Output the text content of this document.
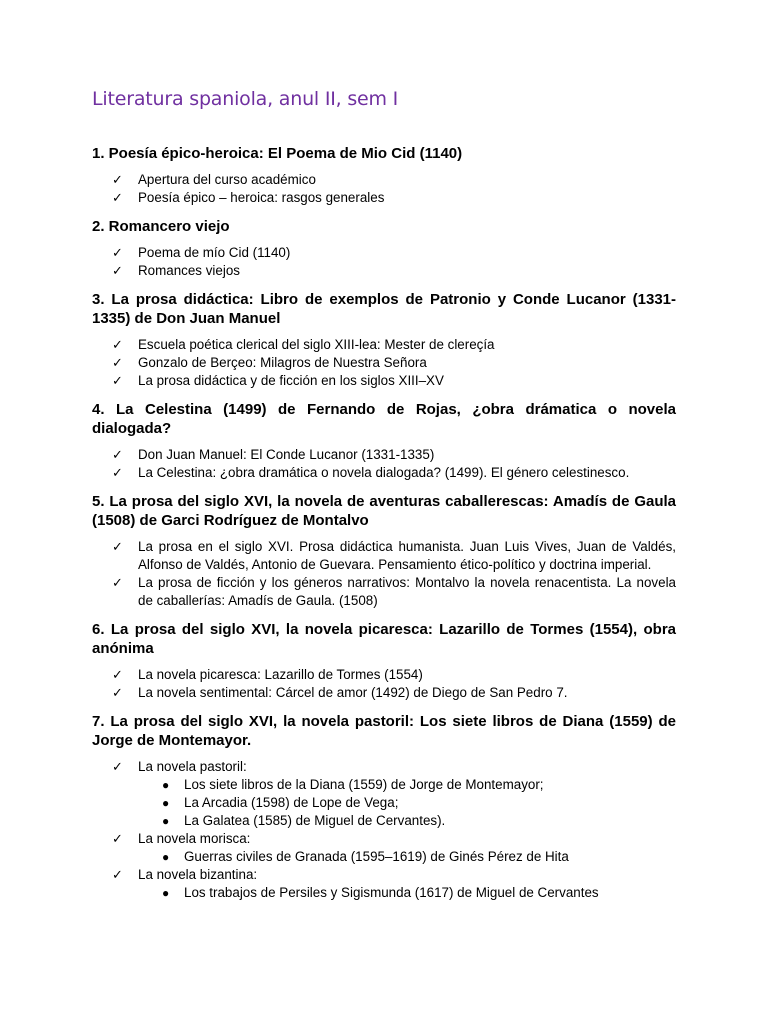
Literatura spaniola, anul II, sem I
1. Poesía épico-heroica: El Poema de Mio Cid (1140)
✓ Apertura del curso académico
✓ Poesía épico – heroica: rasgos generales
2. Romancero viejo
✓ Poema de mío Cid (1140)
✓ Romances viejos
3. La prosa didáctica: Libro de exemplos de Patronio y Conde Lucanor (1331-1335) de Don Juan Manuel
✓ Escuela poética clerical del siglo XIII-lea: Mester de clereçía
✓ Gonzalo de Berçeo: Milagros de Nuestra Señora
✓ La prosa didáctica y de ficción en los siglos XIII–XV
4. La Celestina (1499) de Fernando de Rojas, ¿obra drámatica o novela dialogada?
✓ Don Juan Manuel: El Conde Lucanor (1331-1335)
✓ La Celestina: ¿obra dramática o novela dialogada? (1499). El género celestinesco.
5. La prosa del siglo XVI, la novela de aventuras caballerescas: Amadís de Gaula (1508) de Garci Rodríguez de Montalvo
✓ La prosa en el siglo XVI. Prosa didáctica humanista. Juan Luis Vives, Juan de Valdés, Alfonso de Valdés, Antonio de Guevara. Pensamiento ético-político y doctrina imperial.
✓ La prosa de ficción y los géneros narrativos: Montalvo la novela renacentista. La novela de caballerías: Amadís de Gaula. (1508)
6. La prosa del siglo XVI, la novela picaresca: Lazarillo de Tormes (1554), obra anónima
✓ La novela picaresca: Lazarillo de Tormes (1554)
✓ La novela sentimental: Cárcel de amor (1492) de Diego de San Pedro 7.
7. La prosa del siglo XVI, la novela pastoril: Los siete libros de Diana (1559) de Jorge de Montemayor.
✓ La novela pastoril:
● Los siete libros de la Diana (1559) de Jorge de Montemayor;
● La Arcadia (1598) de Lope de Vega;
● La Galatea (1585) de Miguel de Cervantes).
✓ La novela morisca:
● Guerras civiles de Granada (1595–1619) de Ginés Pérez de Hita
✓ La novela bizantina:
● Los trabajos de Persiles y Sigismunda (1617) de Miguel de Cervantes
